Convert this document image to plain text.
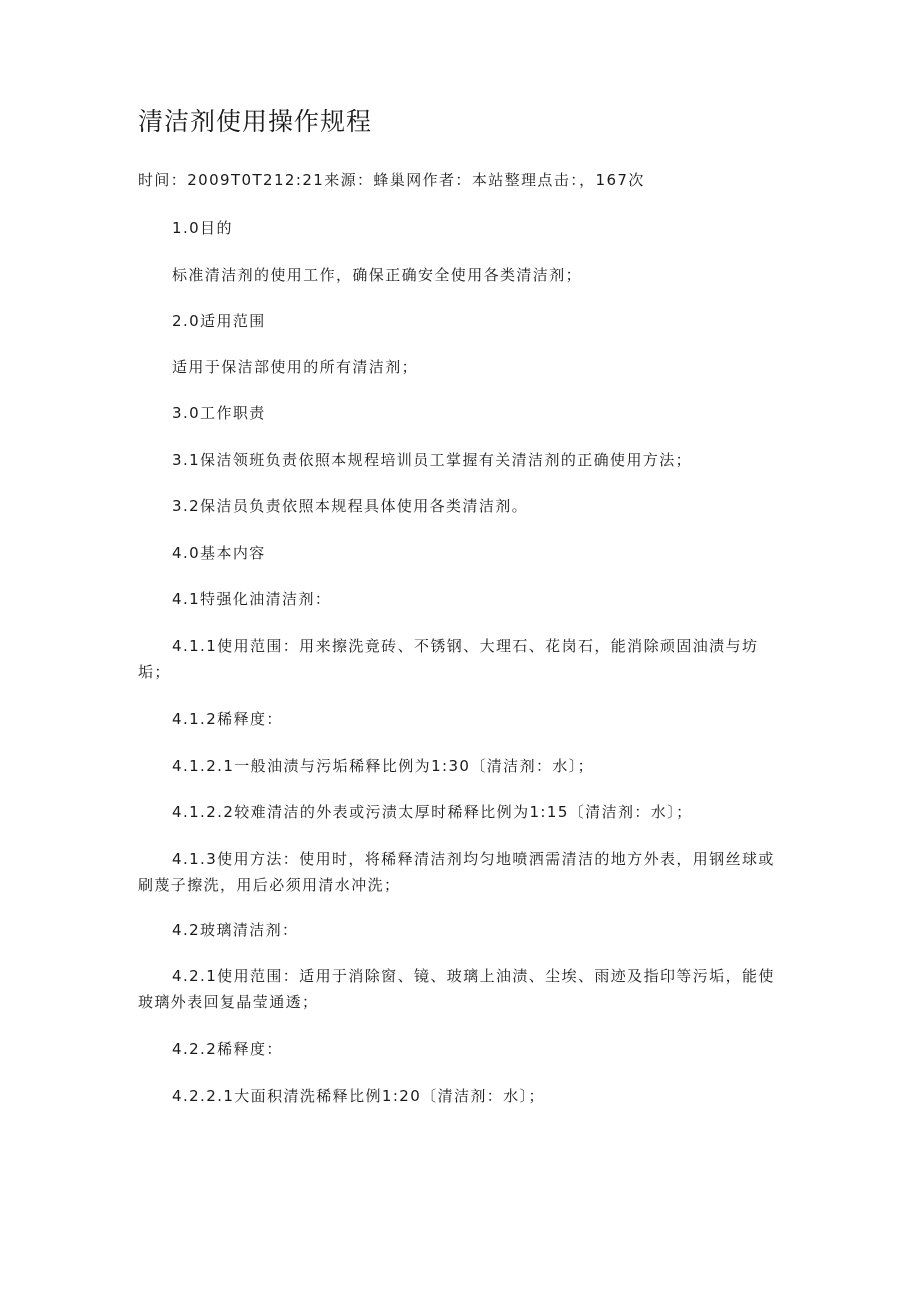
清洁剂使用操作规程
时间：2009T0T212:21来源：蜂巢网作者：本站整理点击：，167次

1.0目的

标准清洁剂的使用工作，确保正确安全使用各类清洁剂；

2.0适用范围

适用于保洁部使用的所有清洁剂；

3.0工作职责

3.1保洁领班负责依照本规程培训员工掌握有关清洁剂的正确使用方法；

3.2保洁员负责依照本规程具体使用各类清洁剂。

4.0基本内容

4.1特强化油清洁剂：

4.1.1使用范围：用来擦洗竟砖、不锈钢、大理石、花岗石，能消除顽固油渍与坊垢；

4.1.2稀释度：

4.1.2.1一般油渍与污垢稀释比例为1:30〔清洁剂：水〕；

4.1.2.2较难清洁的外表或污渍太厚时稀释比例为1:15〔清洁剂：水〕；

4.1.3使用方法：使用时，将稀释清洁剂均匀地喷洒需清洁的地方外表，用钢丝球或刷蔑子擦洗，用后必须用清水冲洗；

4.2玻璃清洁剂：

4.2.1使用范围：适用于消除窗、镜、玻璃上油渍、尘埃、雨迹及指印等污垢，能使玻璃外表回复晶莹通透；

4.2.2稀释度：

4.2.2.1大面积清洗稀释比例1:20〔清洁剂：水〕；
